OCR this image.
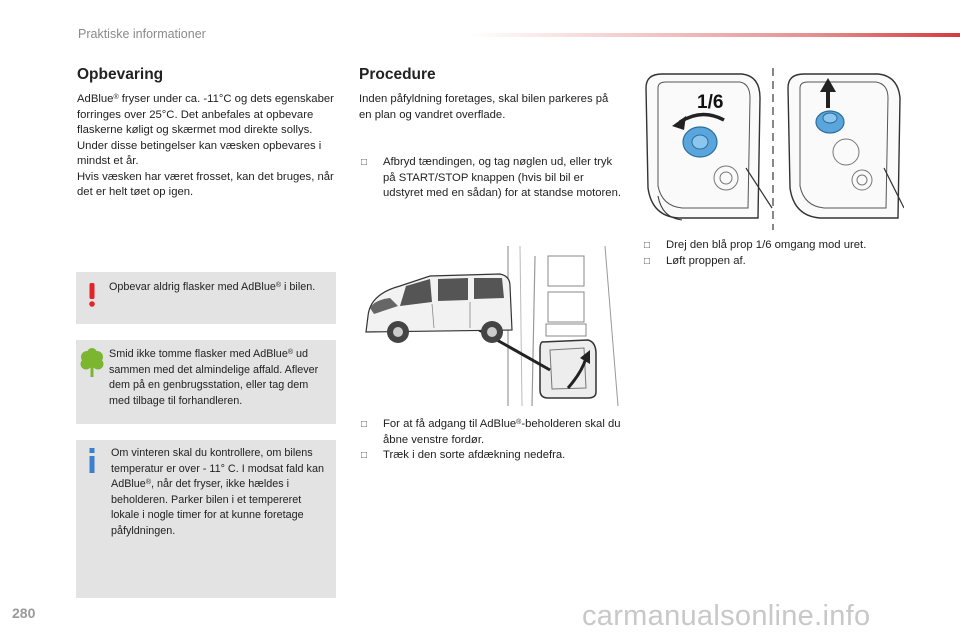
Praktiske informationer
Opbevaring

AdBlue® fryser under ca. -11°C og dets egenskaber forringes over 25°C. Det anbefales at opbevare flaskerne køligt og skærmet mod direkte sollys.

Under disse betingelser kan væsken opbevares i mindst et år.

Hvis væsken har været frosset, kan det bruges, når det er helt tøet op igen.

Opbevar aldrig flasker med AdBlue® i bilen.
Smid ikke tomme flasker med AdBlue® ud sammen med det almindelige affald. Aflever dem på en genbrugsstation, eller tag dem med tilbage til forhandleren.
Om vinteren skal du kontrollere, om bilens temperatur er over - 11° C. I modsat fald kan AdBlue®, når det fryser, ikke hældes i beholderen. Parker bilen i et tempereret lokale i nogle timer for at kunne foretage påfyldningen.
Procedure
Inden påfyldning foretages, skal bilen parkeres på en plan og vandret overflade.
□ Afbryd tændingen, og tag nøglen ud, eller tryk på START/STOP knappen (hvis bil bil er udstyret med en sådan) for at standse motoren.
□ For at få adgang til AdBlue®-beholderen skal du åbne venstre fordør.
□ Træk i den sorte afdækning nedefra.
1/6
□ Drej den blå prop 1/6 omgang mod uret.
□ Løft proppen af.
280	carmanualsonline.info
